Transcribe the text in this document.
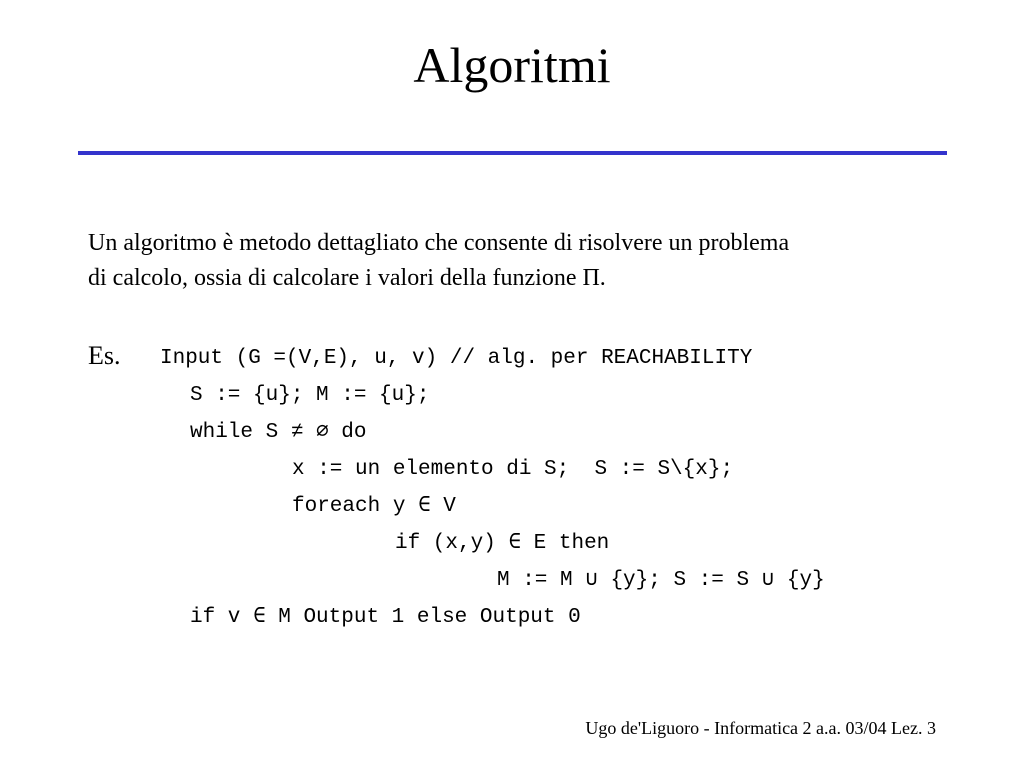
Algoritmi
Un algoritmo è metodo dettagliato che consente di risolvere un problema
di calcolo, ossia di calcolare i valori della funzione Π.
Es. Input (G =(V,E), u, v) // alg. per REACHABILITY
S := {u}; M := {u};
while S ≠ ∅ do
x := un elemento di S;  S := S\{x};
foreach y ∈ V
if (x,y) ∈ E then
M := M ∪ {y}; S := S ∪ {y}
if v ∈ M Output 1 else Output 0
Ugo de'Liguoro - Informatica 2 a.a. 03/04 Lez. 3
